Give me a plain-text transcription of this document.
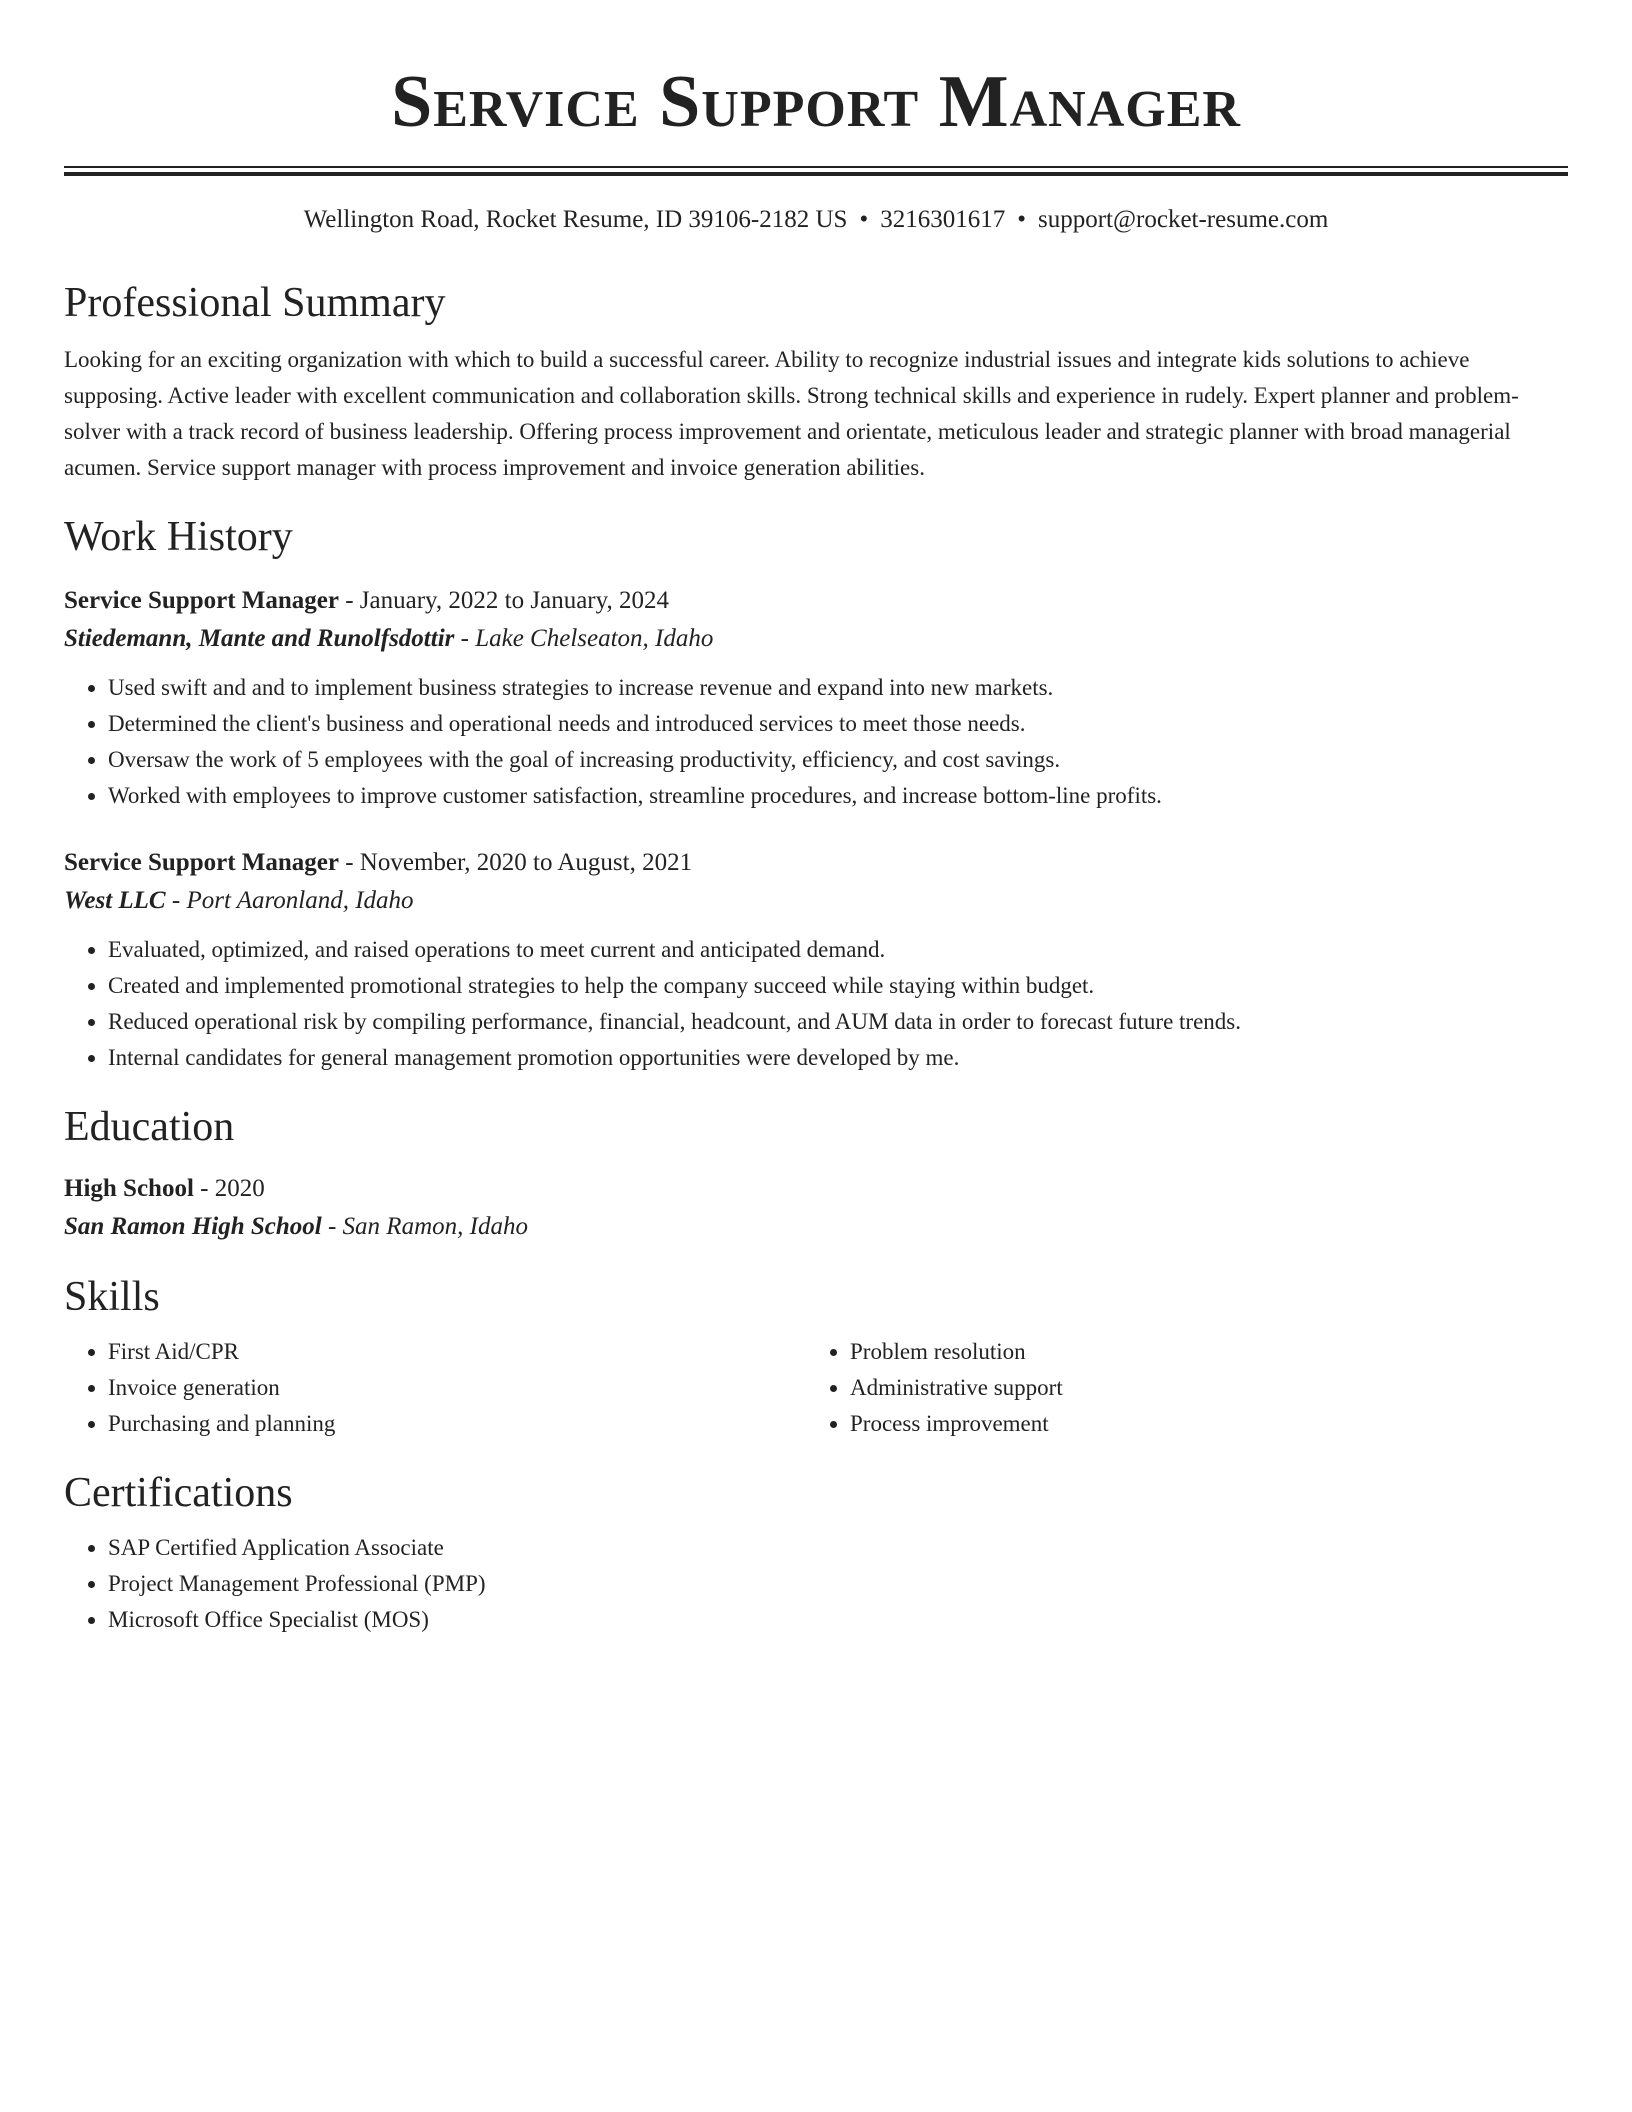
Service Support Manager
Wellington Road, Rocket Resume, ID 39106-2182 US • 3216301617 • support@rocket-resume.com
Professional Summary
Looking for an exciting organization with which to build a successful career. Ability to recognize industrial issues and integrate kids solutions to achieve supposing. Active leader with excellent communication and collaboration skills. Strong technical skills and experience in rudely. Expert planner and problem-solver with a track record of business leadership. Offering process improvement and orientate, meticulous leader and strategic planner with broad managerial acumen. Service support manager with process improvement and invoice generation abilities.
Work History
Service Support Manager - January, 2022 to January, 2024
Stiedemann, Mante and Runolfsdottir - Lake Chelseaton, Idaho
• Used swift and and to implement business strategies to increase revenue and expand into new markets.
• Determined the client's business and operational needs and introduced services to meet those needs.
• Oversaw the work of 5 employees with the goal of increasing productivity, efficiency, and cost savings.
• Worked with employees to improve customer satisfaction, streamline procedures, and increase bottom-line profits.
Service Support Manager - November, 2020 to August, 2021
West LLC - Port Aaronland, Idaho
• Evaluated, optimized, and raised operations to meet current and anticipated demand.
• Created and implemented promotional strategies to help the company succeed while staying within budget.
• Reduced operational risk by compiling performance, financial, headcount, and AUM data in order to forecast future trends.
• Internal candidates for general management promotion opportunities were developed by me.
Education
High School - 2020
San Ramon High School - San Ramon, Idaho
Skills
• First Aid/CPR
• Invoice generation
• Purchasing and planning
• Problem resolution
• Administrative support
• Process improvement
Certifications
• SAP Certified Application Associate
• Project Management Professional (PMP)
• Microsoft Office Specialist (MOS)
